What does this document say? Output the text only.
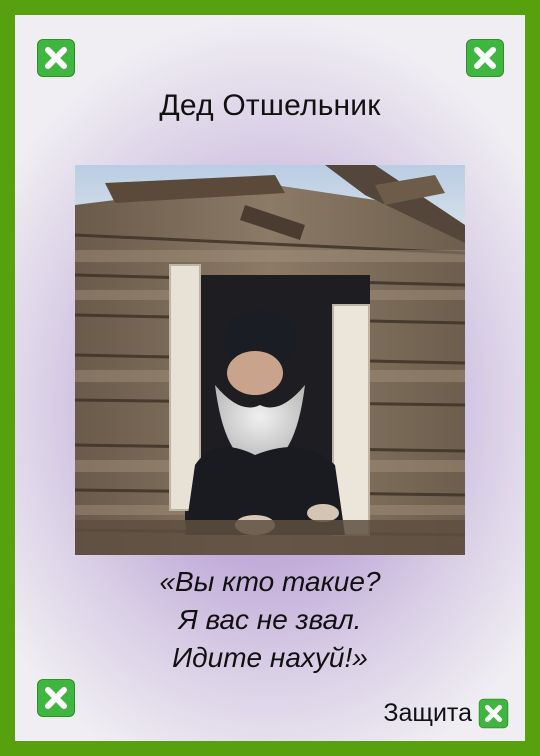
Дед Отшельник
«Вы кто такие?
Я вас не звал.
Идите нахуй!»
Защита
